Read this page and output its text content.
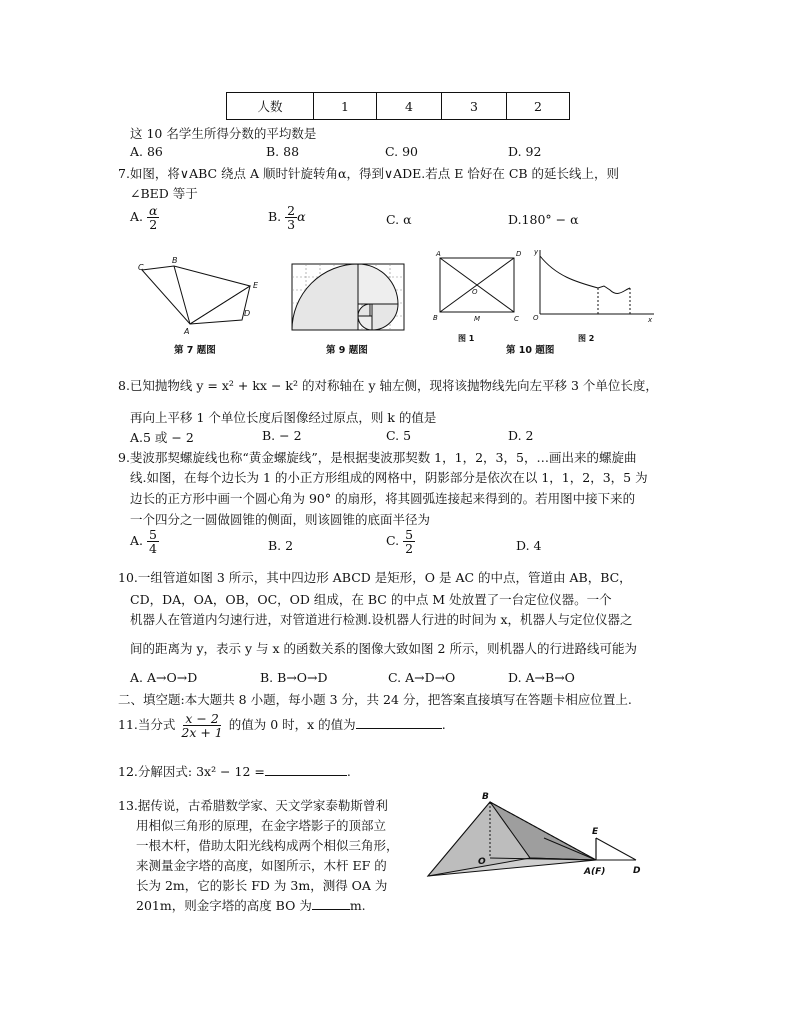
人数	1	4	3	2
这 10 名学生所得分数的平均数是
A. 86	B. 88	C. 90	D. 92
7.如图，将∨ABC 绕点 A 顺时针旋转角α，得到∨ADE.若点 E 恰好在 CB 的延长线上，则
∠BED 等于
A. $\frac{\alpha}{2}$	B. $\frac{2}{3}$ α	C. α	D.180° − α
C
B
E
D
A
第 7 题图	第 9 题图
A	D
O
B	M	C
图 1
第 10 题图
y
O	x
图 2
8.已知抛物线 y = x² + kx − k² 的对称轴在 y 轴左侧，现将该抛物线先向左平移 3 个单位长度，
再向上平移 1 个单位长度后图像经过原点，则 k 的值是
A.5 或 − 2	B. − 2	C. 5	D. 2
9.斐波那契螺旋线也称“黄金螺旋线”，是根据斐波那契数 1，1，2，3，5，…画出来的螺旋曲
线.如图，在每个边长为 1 的小正方形组成的网格中，阴影部分是依次在以 1，1，2，3，5 为
边长的正方形中画一个圆心角为 90° 的扇形，将其圆弧连接起来得到的。若用图中接下来的
一个四分之一圆做圆锥的侧面，则该圆锥的底面半径为
A. $\frac{5}{4}$	B. 2	C. $\frac{5}{2}$	D. 4
10.一组管道如图 3 所示，其中四边形 ABCD 是矩形，O 是 AC 的中点，管道由 AB，BC，
CD，DA，OA，OB，OC，OD 组成，在 BC 的中点 M 处放置了一台定位仪器。一个
机器人在管道内匀速行进，对管道进行检测.设机器人行进的时间为 x，机器人与定位仪器之
间的距离为 y，表示 y 与 x 的函数关系的图像大致如图 2 所示，则机器人的行进路线可能为
A. A→O→D	B. B→O→D	C. A→D→O	D. A→B→O
二、填空题:本大题共 8 小题，每小题 3 分，共 24 分，把答案直接填写在答题卡相应位置上.
11.当分式 $\frac{x - 2}{2x + 1}$ 的值为 0 时，x 的值为	.
12.分解因式: 3x² − 12 =	.
13.据传说，古希腊数学家、天文学家泰勒斯曾利
用相似三角形的原理，在金字塔影子的顶部立
一根木杆，借助太阳光线构成两个相似三角形，
来测量金字塔的高度，如图所示，木杆 EF 的
长为 2m，它的影长 FD 为 3m，测得 OA 为
201m，则金字塔的高度 BO 为	m.
B
E
O
A(F)	D
